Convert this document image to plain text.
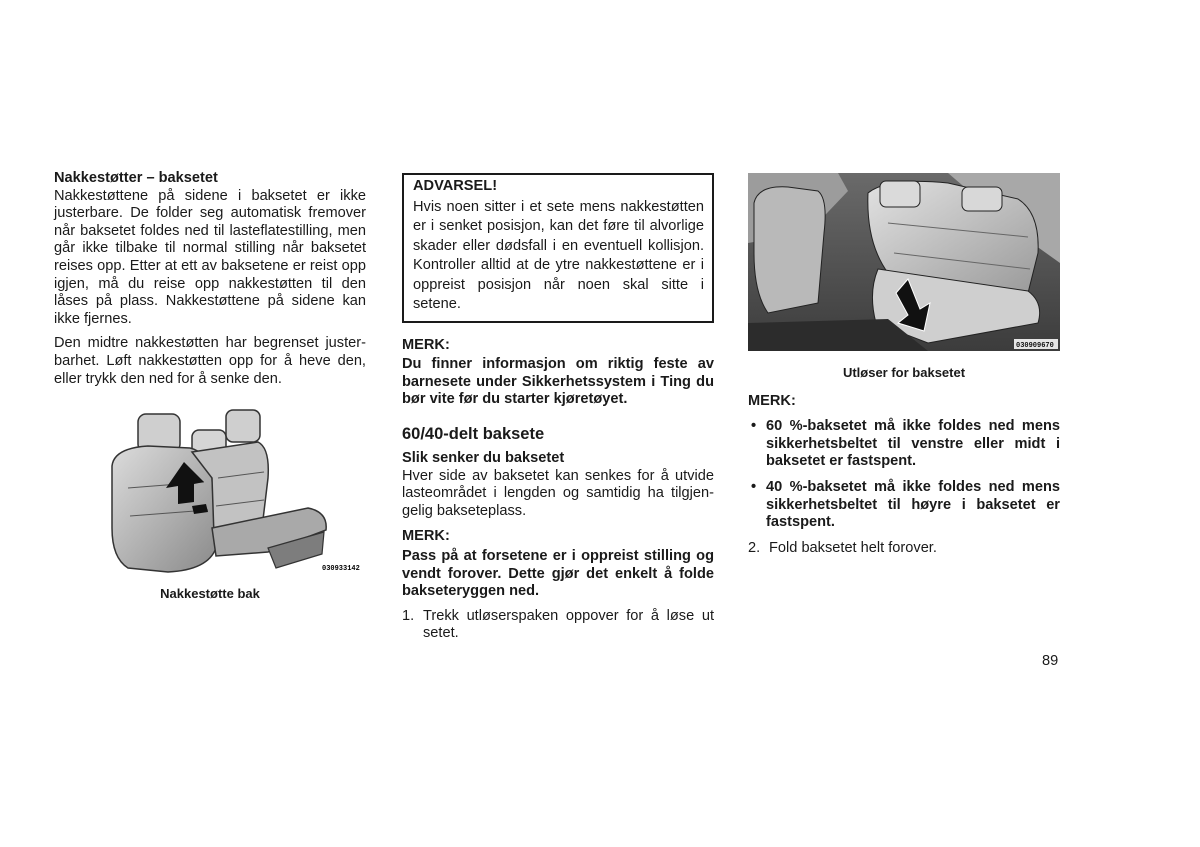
Nakkestøtter – baksetet

Nakkestøttene på sidene i baksetet er ikke justerbare. De folder seg automatisk fremover når baksetet foldes ned til lasteflatestilling, men går ikke tilbake til normal stilling når baksetet reises opp. Etter at ett av baksetene er reist opp igjen, må du reise opp nakkestøtten til den låses på plass. Nakkestøttene på sidene kan ikke fjernes.

Den midtre nakkestøtten har begrenset juster-barhet. Løft nakkestøtten opp for å heve den, eller trykk den ned for å senke den.

030933142
Nakkestøtte bak

ADVARSEL!

Hvis noen sitter i et sete mens nakkestøtten er i senket posisjon, kan det føre til alvorlige skader eller dødsfall i en eventuell kollisjon. Kontroller alltid at de ytre nakkestøttene er i oppreist posisjon når noen skal sitte i setene.

MERK:

Du finner informasjon om riktig feste av barnesete under Sikkerhetssystem i Ting du bør vite før du starter kjøretøyet.

60/40-delt baksete

Slik senker du baksetet

Hver side av baksetet kan senkes for å utvide lasteområdet i lengden og samtidig ha tilgjen-gelig bakseteplass.

MERK:

Pass på at forsetene er i oppreist stilling og vendt forover. Dette gjør det enkelt å folde bakseteryggen ned.

1. Trekk utløserspaken oppover for å løse ut setet.
030909670

Utløser for baksetet

MERK:

• 60 %-baksetet må ikke foldes ned mens sikkerhetsbeltet til venstre eller midt i baksetet er fastspent.
• 40 %-baksetet må ikke foldes ned mens sikkerhetsbeltet til høyre i baksetet er fastspent.
2. Fold baksetet helt forover.
89
